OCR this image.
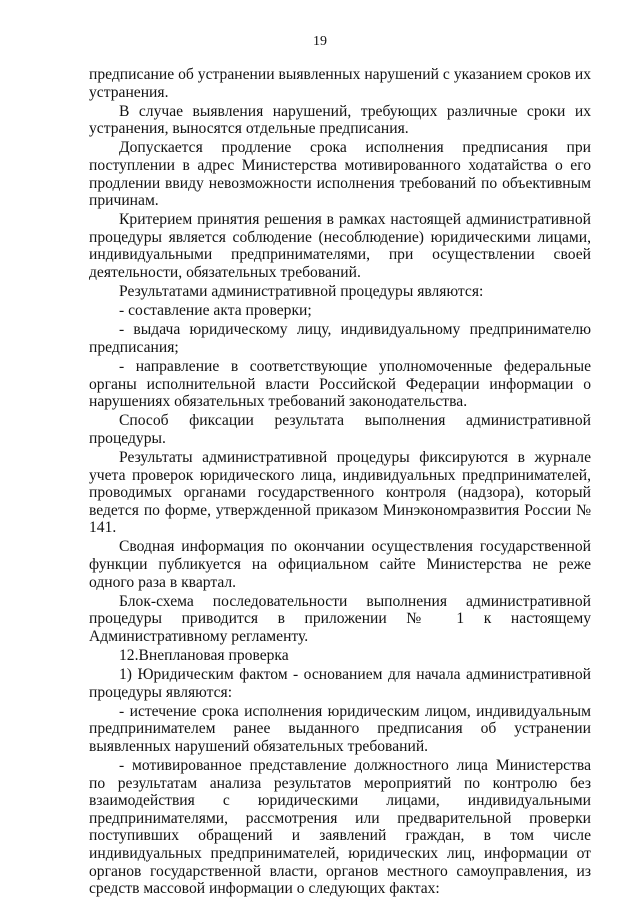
19

предписание об устранении выявленных нарушений с указанием сроков их устранения.

В случае выявления нарушений, требующих различные сроки их устранения, выносятся отдельные предписания.

Допускается продление срока исполнения предписания при поступлении в адрес Министерства мотивированного ходатайства о его продлении ввиду невозможности исполнения требований по объективным причинам.

Критерием принятия решения в рамках настоящей административной процедуры является соблюдение (несоблюдение) юридическими лицами, индивидуальными предпринимателями, при осуществлении своей деятельности, обязательных требований.

Результатами административной процедуры являются:

- составление акта проверки;

- выдача юридическому лицу, индивидуальному предпринимателю предписания;

- направление в соответствующие уполномоченные федеральные органы исполнительной власти Российской Федерации информации о нарушениях обязательных требований законодательства.

Способ фиксации результата выполнения административной процедуры.

Результаты административной процедуры фиксируются в журнале учета проверок юридического лица, индивидуальных предпринимателей, проводимых органами государственного контроля (надзора), который ведется по форме, утвержденной приказом Минэкономразвития России № 141.

Сводная информация по окончании осуществления государственной функции публикуется на официальном сайте Министерства не реже одного раза в квартал.

Блок-схема последовательности выполнения административной процедуры приводится в приложении № 1 к настоящему Административному регламенту.

12.Внеплановая проверка

1) Юридическим фактом - основанием для начала административной процедуры являются:

- истечение срока исполнения юридическим лицом, индивидуальным предпринимателем ранее выданного предписания об устранении выявленных нарушений обязательных требований.

- мотивированное представление должностного лица Министерства по результатам анализа результатов мероприятий по контролю без взаимодействия с юридическими лицами, индивидуальными предпринимателями, рассмотрения или предварительной проверки поступивших обращений и заявлений граждан, в том числе индивидуальных предпринимателей, юридических лиц, информации от органов государственной власти, органов местного самоуправления, из средств массовой информации о следующих фактах:
